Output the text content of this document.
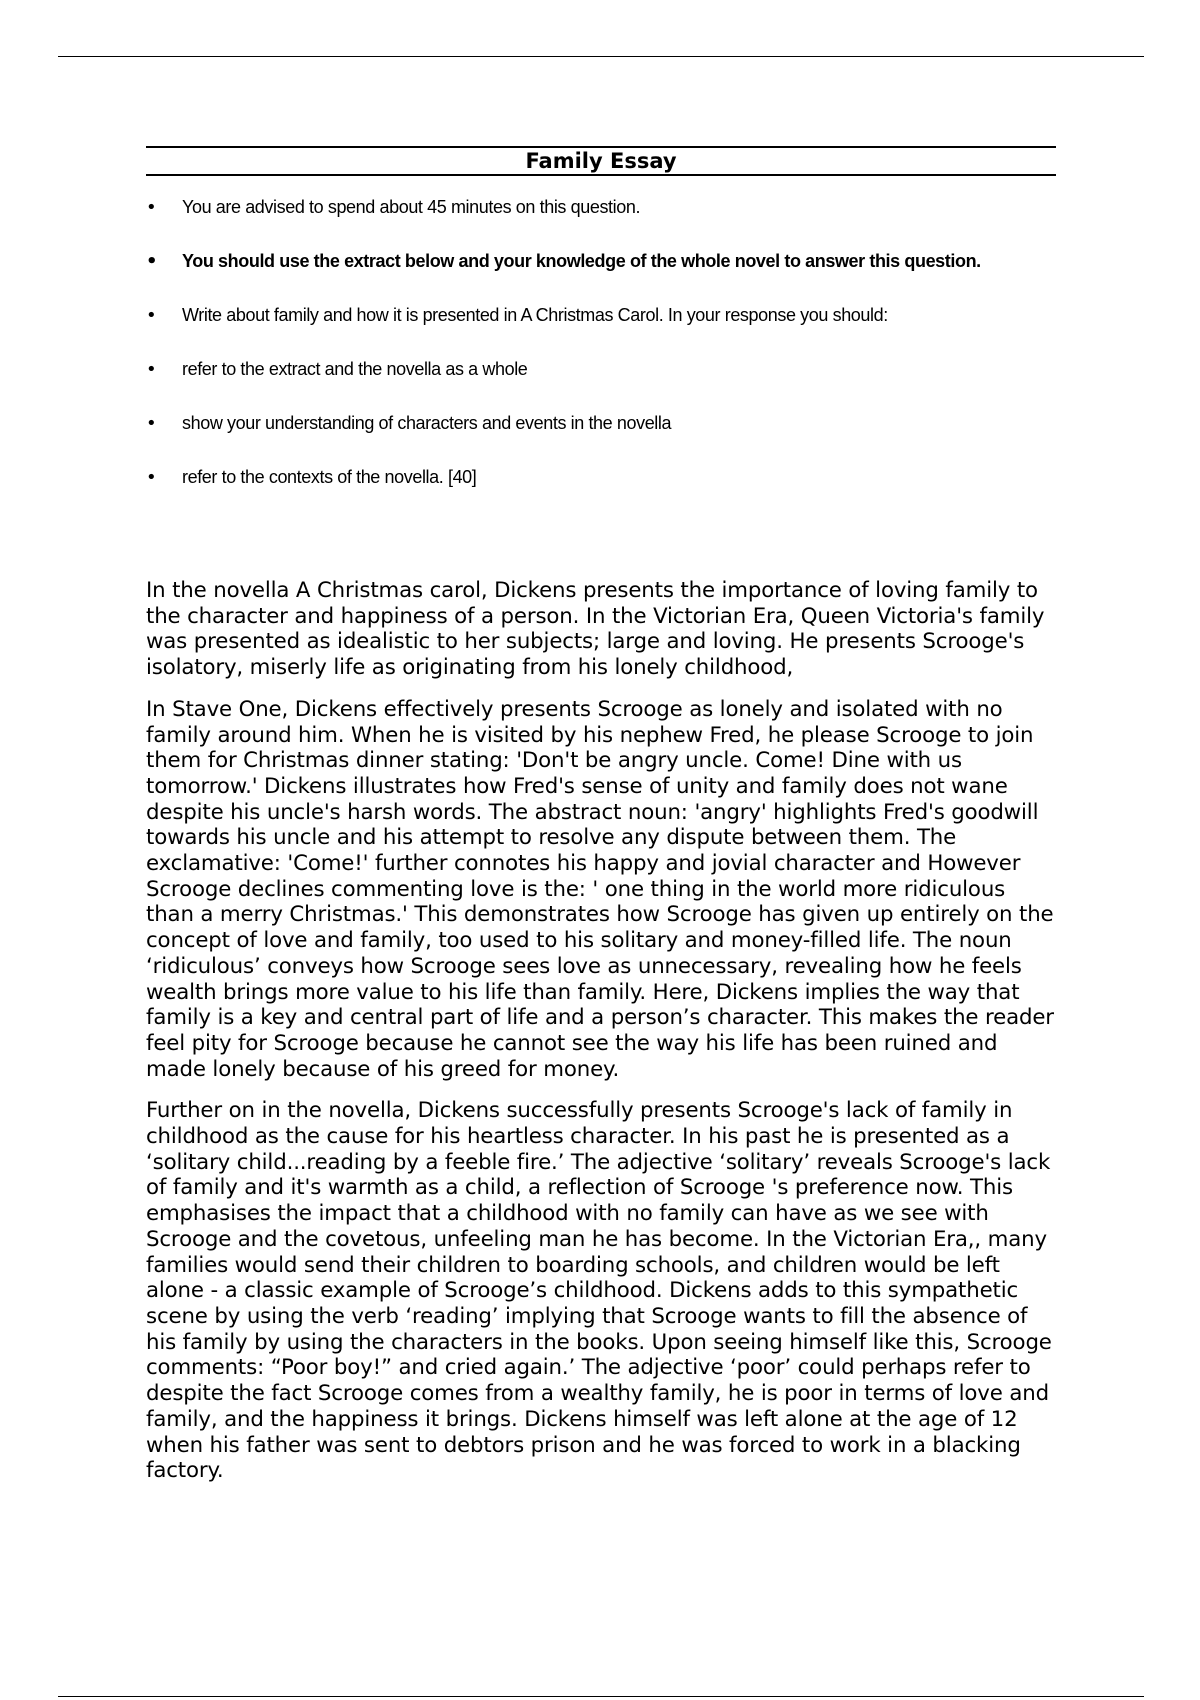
Family Essay
• You are advised to spend about 45 minutes on this question.
• You should use the extract below and your knowledge of the whole novel to answer this question.
• Write about family and how it is presented in A Christmas Carol. In your response you should:
• refer to the extract and the novella as a whole
• show your understanding of characters and events in the novella
• refer to the contexts of the novella. [40]

In the novella A Christmas carol, Dickens presents the importance of loving family to the character and happiness of a person. In the Victorian Era, Queen Victoria's family was presented as idealistic to her subjects; large and loving. He presents Scrooge's isolatory, miserly life as originating from his lonely childhood,

In Stave One, Dickens effectively presents Scrooge as lonely and isolated with no family around him. When he is visited by his nephew Fred, he please Scrooge to join them for Christmas dinner stating: 'Don't be angry uncle. Come! Dine with us tomorrow.' Dickens illustrates how Fred's sense of unity and family does not wane despite his uncle's harsh words. The abstract noun: 'angry' highlights Fred's goodwill towards his uncle and his attempt to resolve any dispute between them. The exclamative: 'Come!' further connotes his happy and jovial character and However Scrooge declines commenting love is the: ' one thing in the world more ridiculous than a merry Christmas.' This demonstrates how Scrooge has given up entirely on the concept of love and family, too used to his solitary and money-filled life. The noun ‘ridiculous’ conveys how Scrooge sees love as unnecessary, revealing how he feels wealth brings more value to his life than family. Here, Dickens implies the way that family is a key and central part of life and a person’s character. This makes the reader feel pity for Scrooge because he cannot see the way his life has been ruined and made lonely because of his greed for money.

Further on in the novella, Dickens successfully presents Scrooge's lack of family in childhood as the cause for his heartless character. In his past he is presented as a ‘solitary child...reading by a feeble fire.’ The adjective ‘solitary’ reveals Scrooge's lack of family and it's warmth as a child, a reflection of Scrooge 's preference now. This emphasises the impact that a childhood with no family can have as we see with Scrooge and the covetous, unfeeling man he has become. In the Victorian Era,, many families would send their children to boarding schools, and children would be left alone - a classic example of Scrooge’s childhood. Dickens adds to this sympathetic scene by using the verb ‘reading’ implying that Scrooge wants to fill the absence of his family by using the characters in the books. Upon seeing himself like this, Scrooge comments: “Poor boy!” and cried again.’ The adjective ‘poor’ could perhaps refer to despite the fact Scrooge comes from a wealthy family, he is poor in terms of love and family, and the happiness it brings. Dickens himself was left alone at the age of 12 when his father was sent to debtors prison and he was forced to work in a blacking factory.
